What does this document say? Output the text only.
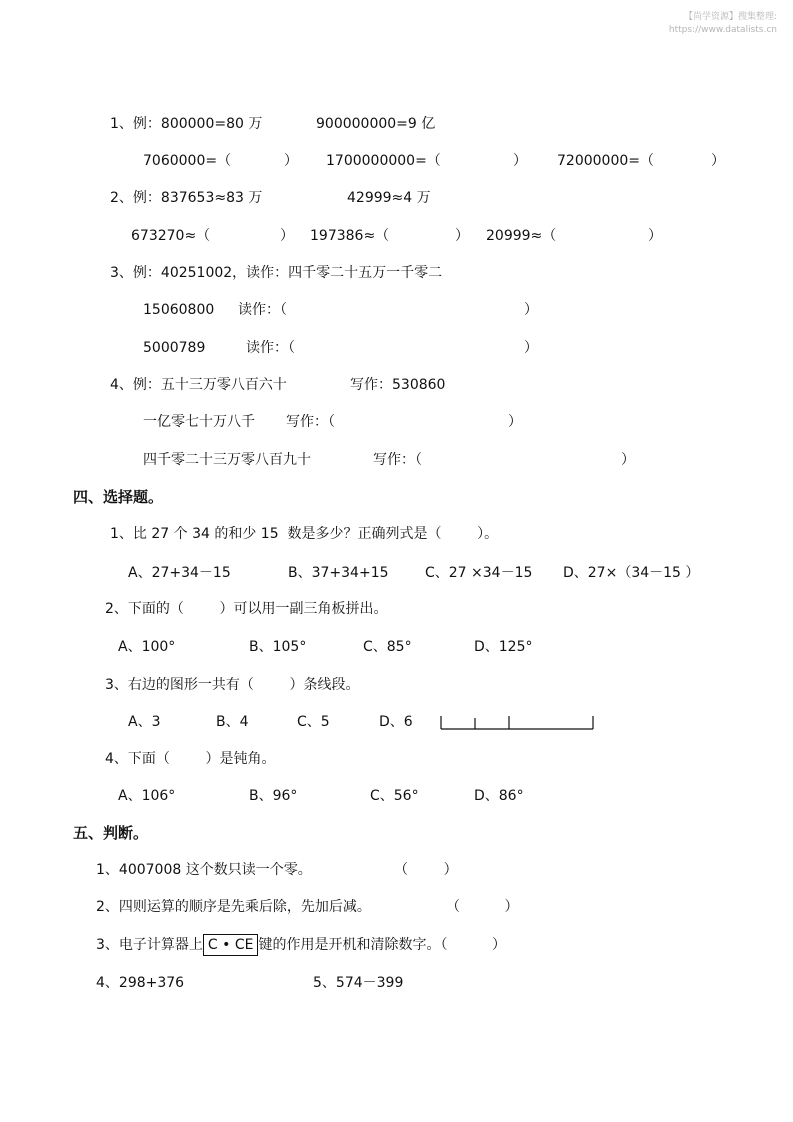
【尚学资源】搜集整理:
https://www.datalists.cn
1、例：800000=80 万	900000000=9 亿
7060000=（	） 1700000000=（	） 72000000=（	）
2、例：837653≈83 万	42999≈4 万
673270≈（	） 197386≈（	） 20999≈（	）
3、例：40251002，读作：四千零二十五万一千零二
15060800 读作：（	）
5000789	读作：（	）
4、例：五十三万零八百六十	写作：530860
一亿零七十万八千 写作：（	）
四千零二十三万零八百九十	写作：（	）
四、选择题。
1、比 27 个 34 的和少 15  数是多少？正确列式是（        ）。
A、27+34－15	B、37+34+15	C、27 ×34－15 D、27×（34－15 ）
2、下面的（        ）可以用一副三角板拼出。
A、100°	B、105°	C、85°	D、125°
3、右边的图形一共有（        ）条线段。
A、3	B、4	C、5	D、6
4、下面（        ）是钝角。
A、106°	B、96°	C、56°	D、86°
五、判断。
1、4007008 这个数只读一个零。	（        ）
2、四则运算的顺序是先乘后除，先加后减。	（          ）
3、电子计算器上 C • CE 键的作用是开机和清除数字。（          ）
4、298+376	5、574－399
